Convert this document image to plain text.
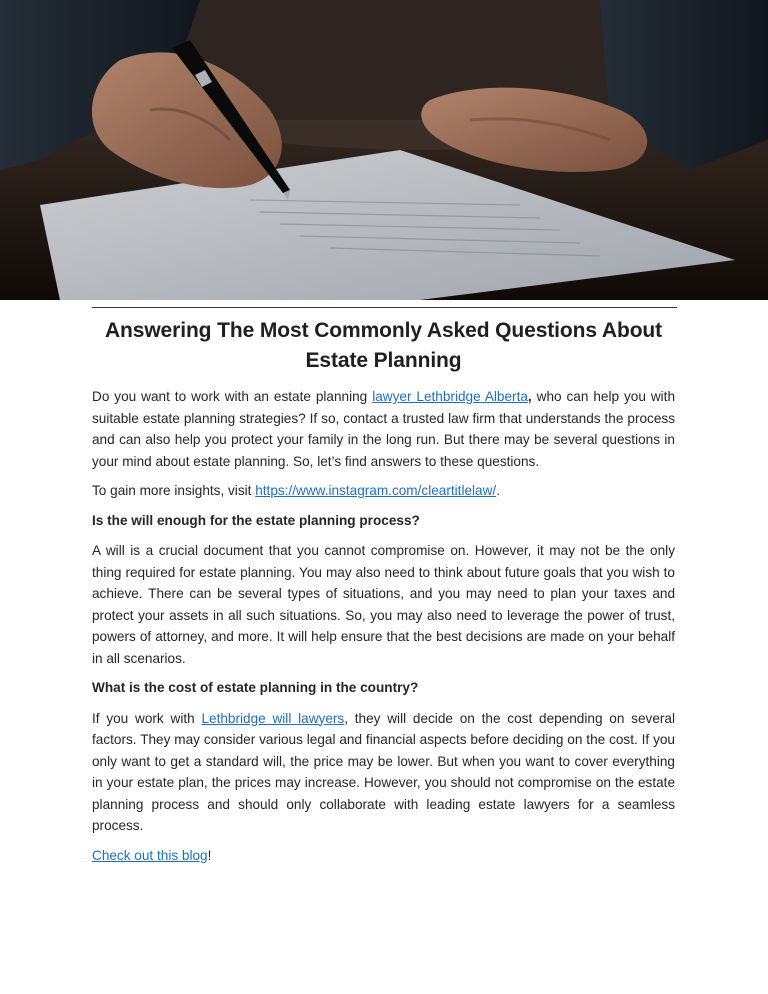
Answering The Most Commonly Asked Questions About Estate Planning

Do you want to work with an estate planning lawyer Lethbridge Alberta, who can help you with suitable estate planning strategies? If so, contact a trusted law firm that understands the process and can also help you protect your family in the long run. But there may be several questions in your mind about estate planning. So, let’s find answers to these questions.

To gain more insights, visit https://www.instagram.com/cleartitlelaw/.

Is the will enough for the estate planning process?

A will is a crucial document that you cannot compromise on. However, it may not be the only thing required for estate planning. You may also need to think about future goals that you wish to achieve. There can be several types of situations, and you may need to plan your taxes and protect your assets in all such situations. So, you may also need to leverage the power of trust, powers of attorney, and more. It will help ensure that the best decisions are made on your behalf in all scenarios.

What is the cost of estate planning in the country?

If you work with Lethbridge will lawyers, they will decide on the cost depending on several factors. They may consider various legal and financial aspects before deciding on the cost. If you only want to get a standard will, the price may be lower. But when you want to cover everything in your estate plan, the prices may increase. However, you should not compromise on the estate planning process and should only collaborate with leading estate lawyers for a seamless process.

Check out this blog!
